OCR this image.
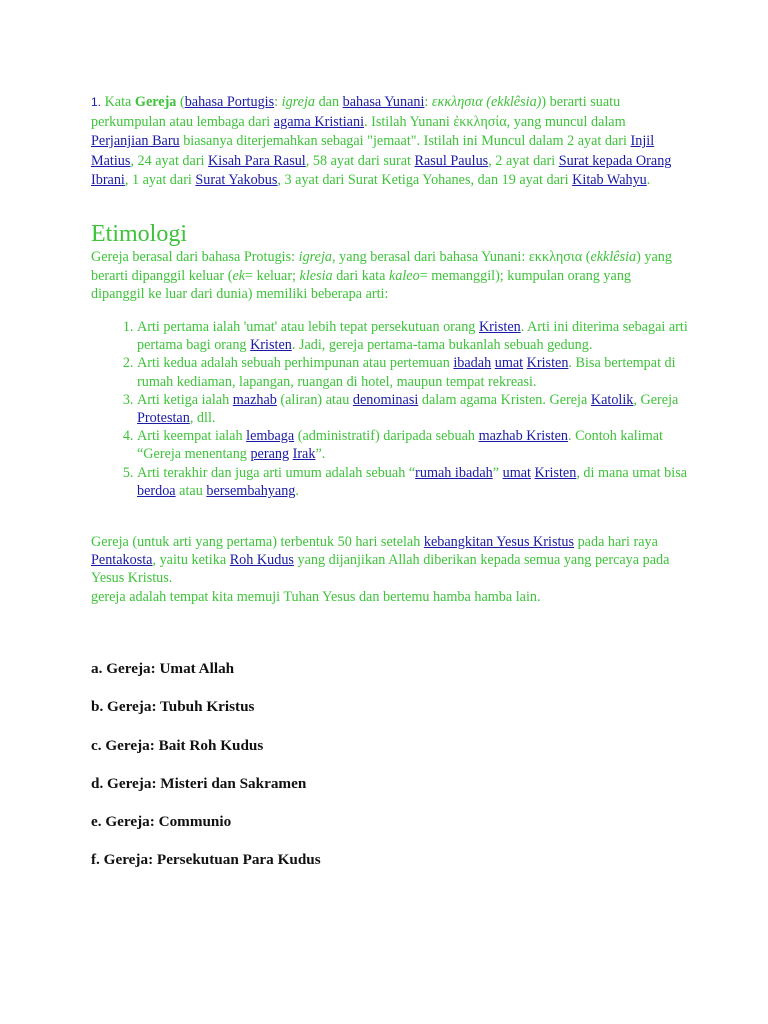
1. Kata Gereja (bahasa Portugis: igreja dan bahasa Yunani: εκκλησια (ekklêsia)) berarti suatu perkumpulan atau lembaga dari agama Kristiani. Istilah Yunani ἐκκλησία, yang muncul dalam Perjanjian Baru biasanya diterjemahkan sebagai "jemaat". Istilah ini Muncul dalam 2 ayat dari Injil Matius, 24 ayat dari Kisah Para Rasul, 58 ayat dari surat Rasul Paulus, 2 ayat dari Surat kepada Orang Ibrani, 1 ayat dari Surat Yakobus, 3 ayat dari Surat Ketiga Yohanes, dan 19 ayat dari Kitab Wahyu.
Etimologi
Gereja berasal dari bahasa Protugis: igreja, yang berasal dari bahasa Yunani: εκκλησια (ekklêsia) yang berarti dipanggil keluar (ek= keluar; klesia dari kata kaleo= memanggil); kumpulan orang yang dipanggil ke luar dari dunia) memiliki beberapa arti:
1. Arti pertama ialah 'umat' atau lebih tepat persekutuan orang Kristen. Arti ini diterima sebagai arti pertama bagi orang Kristen. Jadi, gereja pertama-tama bukanlah sebuah gedung.
2. Arti kedua adalah sebuah perhimpunan atau pertemuan ibadah umat Kristen. Bisa bertempat di rumah kediaman, lapangan, ruangan di hotel, maupun tempat rekreasi.
3. Arti ketiga ialah mazhab (aliran) atau denominasi dalam agama Kristen. Gereja Katolik, Gereja Protestan, dll.
4. Arti keempat ialah lembaga (administratif) daripada sebuah mazhab Kristen. Contoh kalimat “Gereja menentang perang Irak”.
5. Arti terakhir dan juga arti umum adalah sebuah “rumah ibadah” umat Kristen, di mana umat bisa berdoa atau bersembahyang.
Gereja (untuk arti yang pertama) terbentuk 50 hari setelah kebangkitan Yesus Kristus pada hari raya Pentakosta, yaitu ketika Roh Kudus yang dijanjikan Allah diberikan kepada semua yang percaya pada Yesus Kristus.
gereja adalah tempat kita memuji Tuhan Yesus dan bertemu hamba hamba lain.
a. Gereja: Umat Allah
b. Gereja: Tubuh Kristus
c. Gereja: Bait Roh Kudus
d. Gereja: Misteri dan Sakramen
e. Gereja: Communio
f. Gereja: Persekutuan Para Kudus
